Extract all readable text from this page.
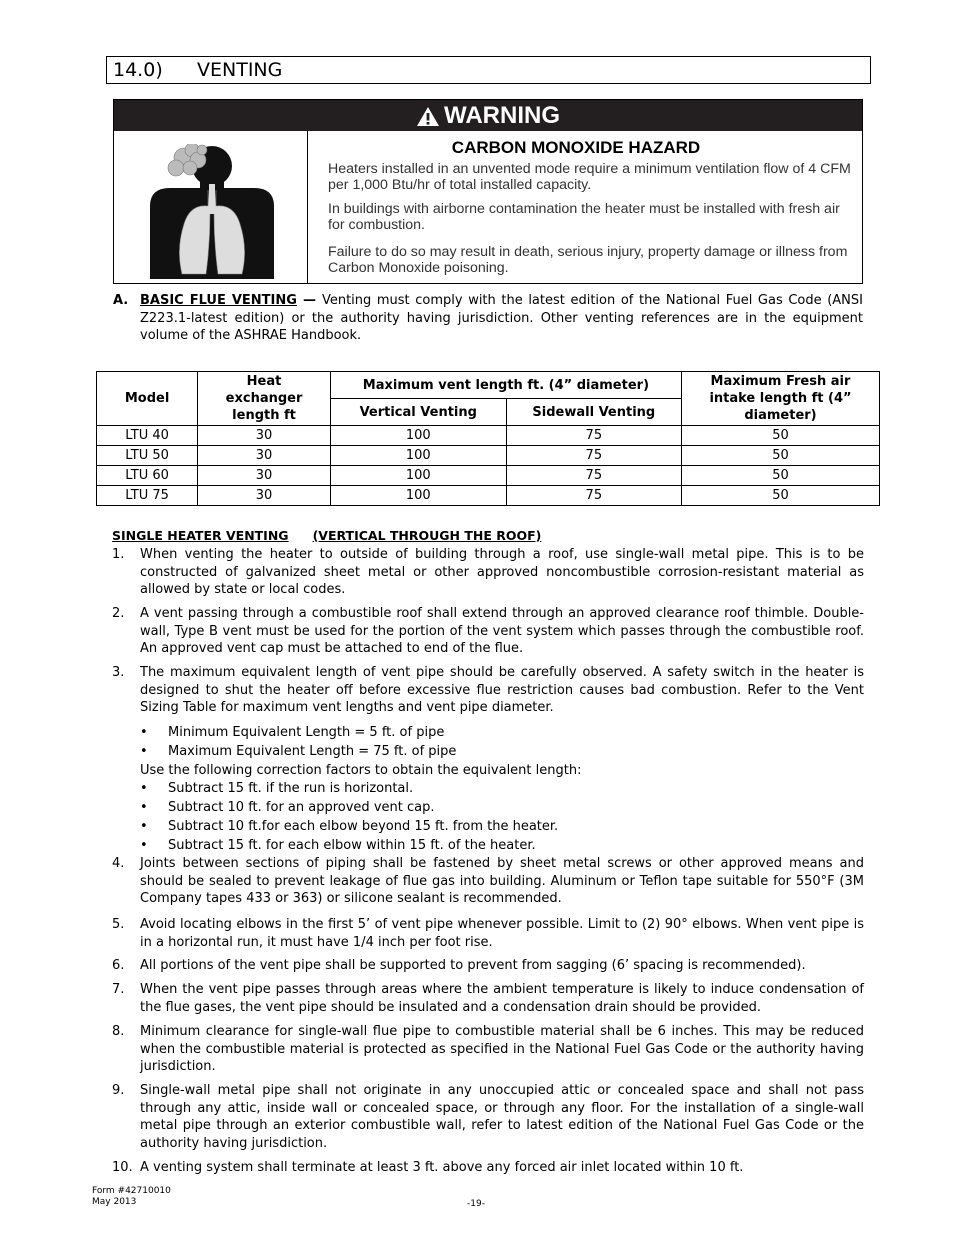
14.0) VENTING
WARNING
CARBON MONOXIDE HAZARD
Heaters installed in an unvented mode require a minimum ventilation flow of 4 CFM per 1,000 Btu/hr of total installed capacity.
In buildings with airborne contamination the heater must be installed with fresh air for combustion.
Failure to do so may result in death, serious injury, property damage or illness from Carbon Monoxide poisoning.
A. BASIC FLUE VENTING — Venting must comply with the latest edition of the National Fuel Gas Code (ANSI Z223.1-latest edition) or the authority having jurisdiction. Other venting references are in the equipment volume of the ASHRAE Handbook.
Model	Heat exchanger length ft	Maximum vent length ft. (4” diameter)		Maximum Fresh air intake length ft (4” diameter)
		Vertical Venting	Sidewall Venting	
LTU 40	30	100	75	50
LTU 50	30	100	75	50
LTU 60	30	100	75	50
LTU 75	30	100	75	50
SINGLE HEATER VENTING (VERTICAL THROUGH THE ROOF)
1. When venting the heater to outside of building through a roof, use single-wall metal pipe. This is to be constructed of galvanized sheet metal or other approved noncombustible corrosion-resistant material as allowed by state or local codes.
2. A vent passing through a combustible roof shall extend through an approved clearance roof thimble. Double-wall, Type B vent must be used for the portion of the vent system which passes through the combustible roof. An approved vent cap must be attached to end of the flue.
3. The maximum equivalent length of vent pipe should be carefully observed. A safety switch in the heater is designed to shut the heater off before excessive flue restriction causes bad combustion. Refer to the Vent Sizing Table for maximum vent lengths and vent pipe diameter.
• Minimum Equivalent Length = 5 ft. of pipe
• Maximum Equivalent Length = 75 ft. of pipe
Use the following correction factors to obtain the equivalent length:
• Subtract 15 ft. if the run is horizontal.
• Subtract 10 ft. for an approved vent cap.
• Subtract 10 ft.for each elbow beyond 15 ft. from the heater.
• Subtract 15 ft. for each elbow within 15 ft. of the heater.
4. Joints between sections of piping shall be fastened by sheet metal screws or other approved means and should be sealed to prevent leakage of flue gas into building. Aluminum or Teflon tape suitable for 550°F (3M Company tapes 433 or 363) or silicone sealant is recommended.
5. Avoid locating elbows in the first 5’ of vent pipe whenever possible. Limit to (2) 90° elbows. When vent pipe is in a horizontal run, it must have 1/4 inch per foot rise.
6. All portions of the vent pipe shall be supported to prevent from sagging (6’ spacing is recommended).
7. When the vent pipe passes through areas where the ambient temperature is likely to induce condensation of the flue gases, the vent pipe should be insulated and a condensation drain should be provided.
8. Minimum clearance for single-wall flue pipe to combustible material shall be 6 inches. This may be reduced when the combustible material is protected as specified in the National Fuel Gas Code or the authority having jurisdiction.
9. Single-wall metal pipe shall not originate in any unoccupied attic or concealed space and shall not pass through any attic, inside wall or concealed space, or through any floor. For the installation of a single-wall metal pipe through an exterior combustible wall, refer to latest edition of the National Fuel Gas Code or the authority having jurisdiction.
10. A venting system shall terminate at least 3 ft. above any forced air inlet located within 10 ft.
Form #42710010
May 2013	-19-
